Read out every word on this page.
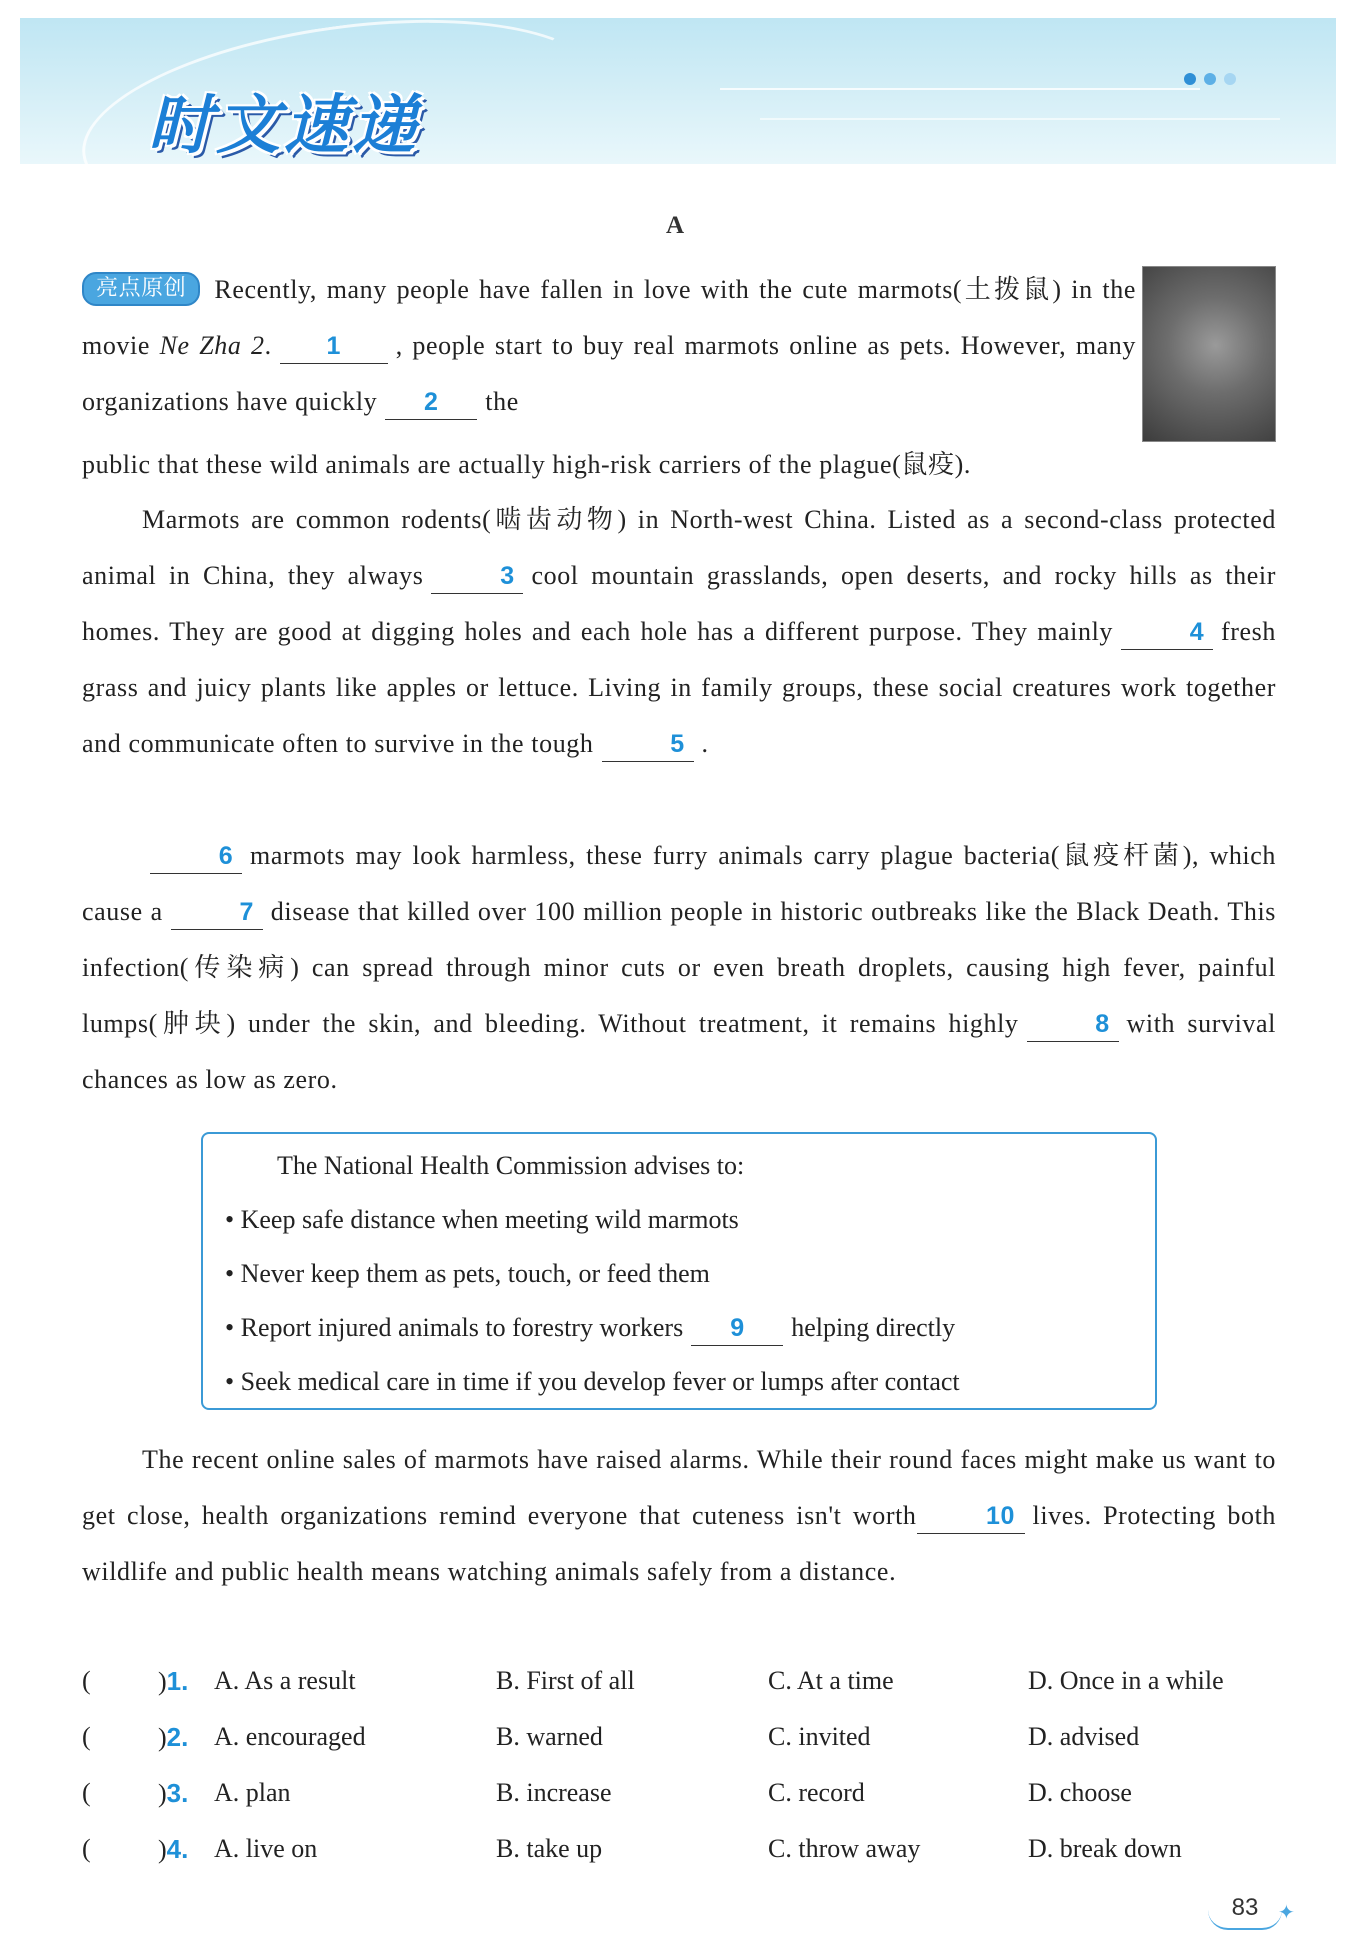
时文速递
A
亮点原创 Recently, many people have fallen in love with the cute marmots(土拨鼠) in the movie Ne Zha 2. 1 , people start to buy real marmots online as pets. However, many organizations have quickly 2 the
public that these wild animals are actually high-risk carriers of the plague(鼠疫).
Marmots are common rodents(啮齿动物) in North-west China. Listed as a second-class protected animal in China, they always	3 cool mountain grasslands, open deserts, and rocky hills as their homes. They are good at digging holes and each hole has a different purpose. They mainly	4 fresh grass and juicy plants like apples or lettuce. Living in family groups, these social creatures work together and communicate often to survive in the tough	5 .
6 marmots may look harmless, these furry animals carry plague bacteria(鼠疫杆菌), which cause a	7 disease that killed over 100 million people in historic outbreaks like the Black Death. This infection(传染病) can spread through minor cuts or even breath droplets, causing high fever, painful lumps(肿块) under the skin, and bleeding. Without treatment, it remains highly	8 with survival chances as low as zero.
The National Health Commission advises to:
• Keep safe distance when meeting wild marmots
• Never keep them as pets, touch, or feed them
• Report injured animals to forestry workers 9 helping directly
• Seek medical care in time if you develop fever or lumps after contact
The recent online sales of marmots have raised alarms. While their round faces might make us want to get close, health organizations remind everyone that cuteness isn't worth	10 lives. Protecting both wildlife and public health means watching animals safely from a distance.
(	)1. A. As a result	B. First of all	C. At a time	D. Once in a while
(	)2. A. encouraged	B. warned	C. invited	D. advised
(	)3. A. plan	B. increase	C. record	D. choose
(	)4. A. live on	B. take up	C. throw away	D. break down
83 ✦
